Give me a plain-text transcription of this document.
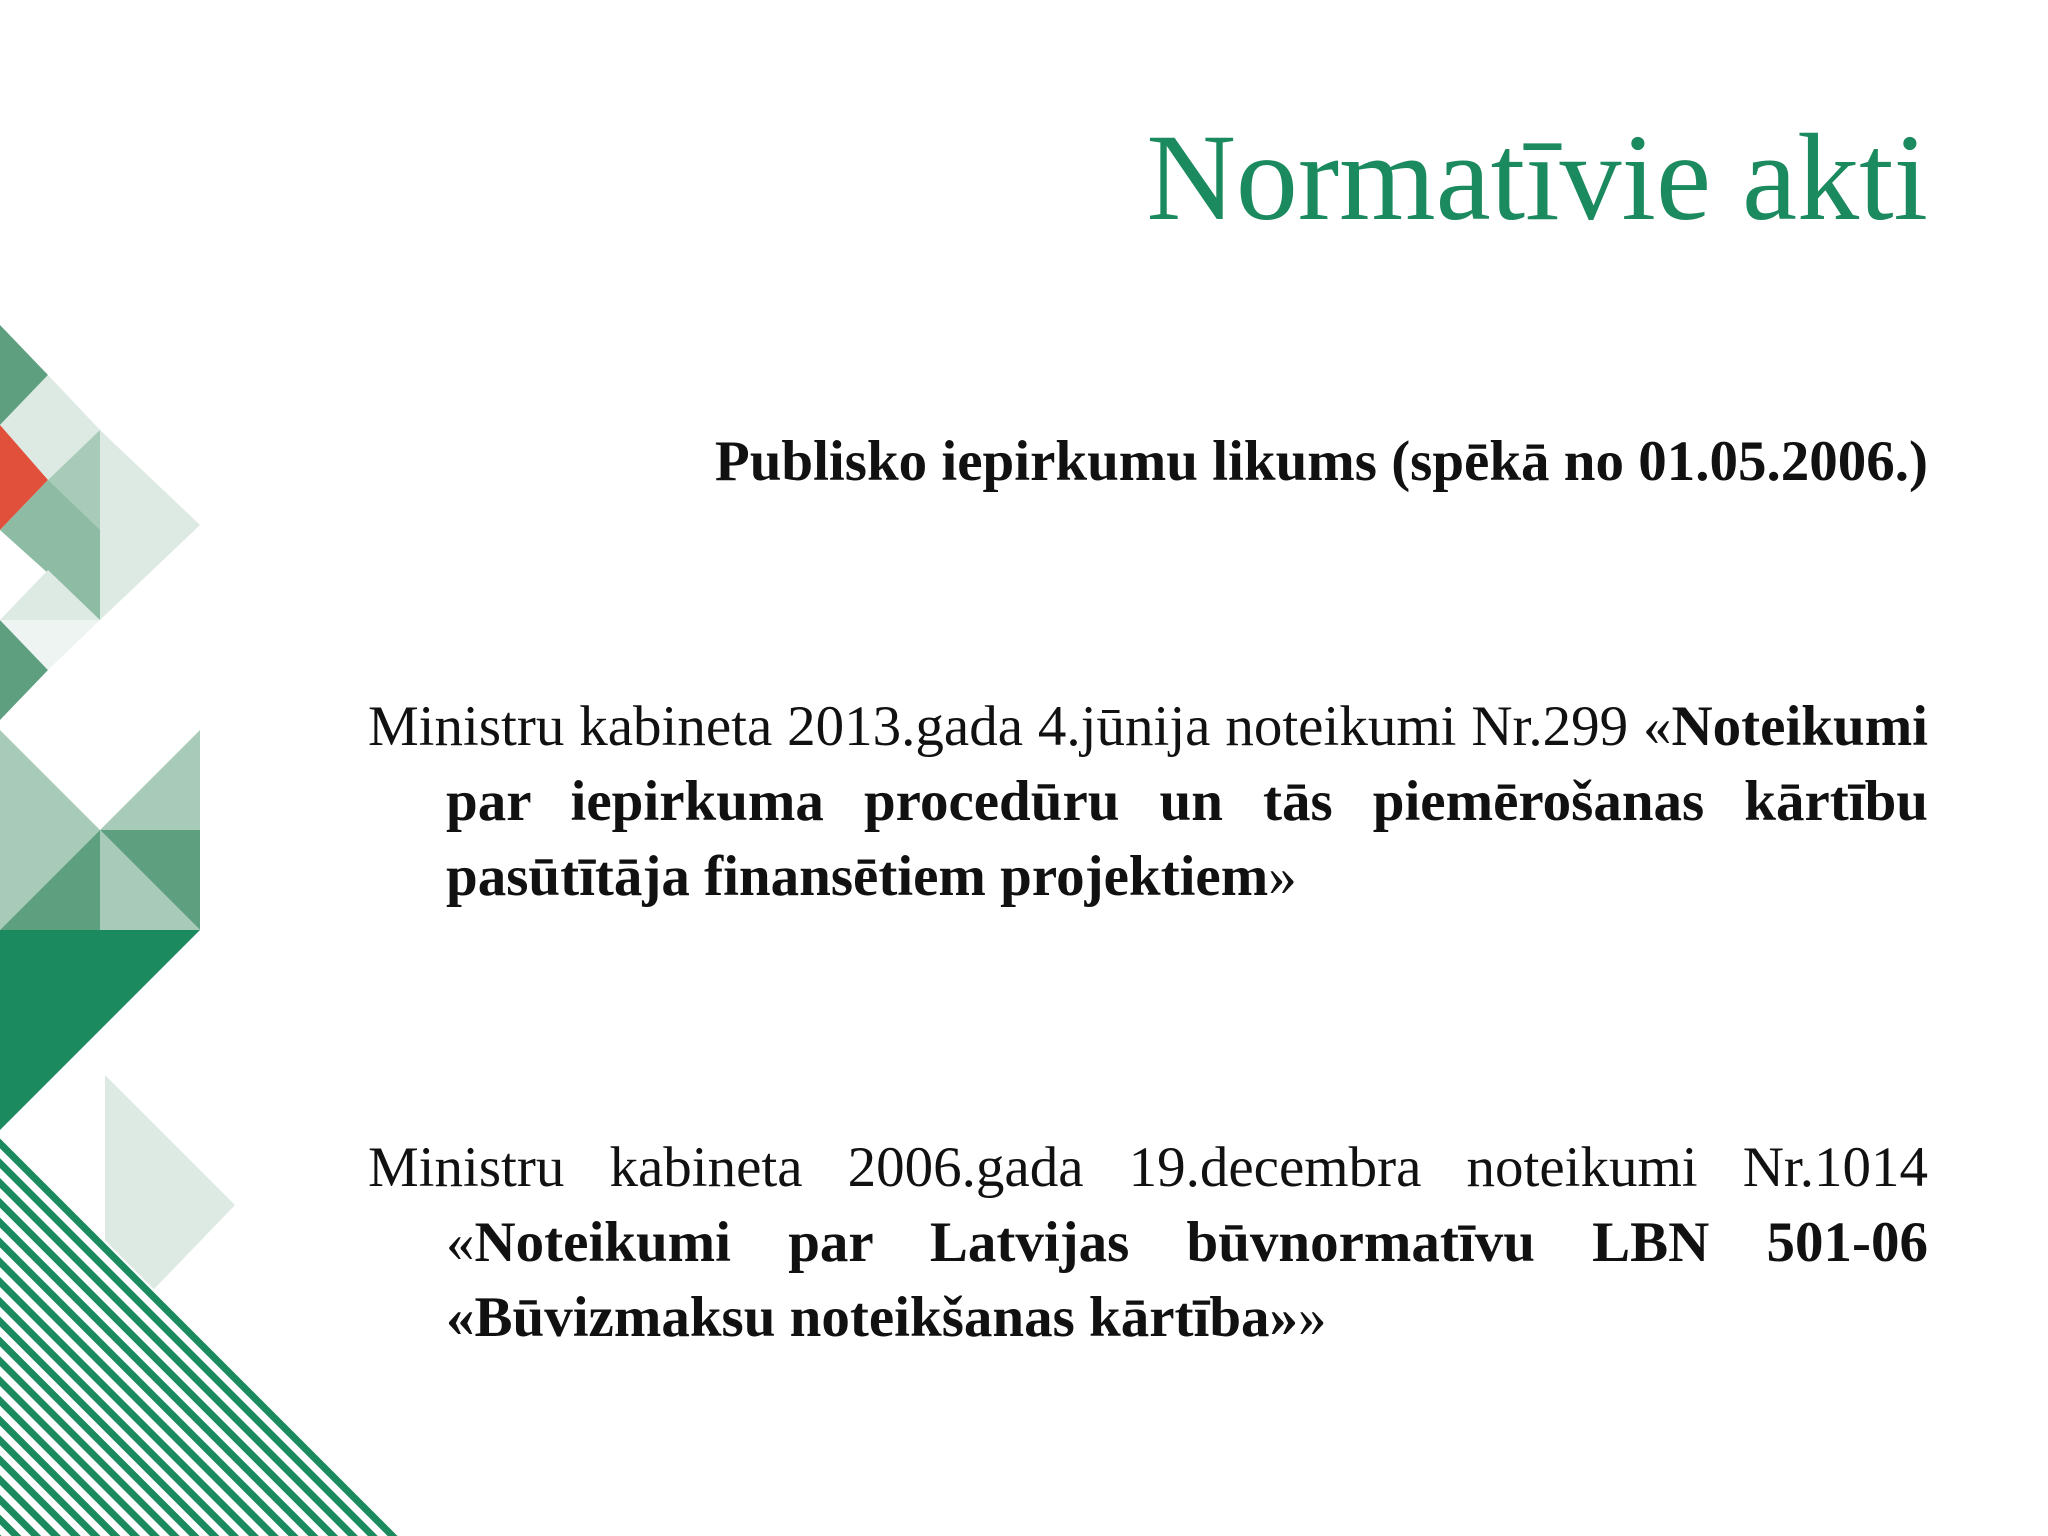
Normatīvie akti

Publisko iepirkumu likums (spēkā no 01.05.2006.)

Ministru kabineta 2013.gada 4.jūnija noteikumi Nr.299 «Noteikumi par iepirkuma procedūru un tās piemērošanas kārtību pasūtītāja finansētiem projektiem»

Ministru kabineta 2006.gada 19.decembra noteikumi Nr.1014 «Noteikumi par Latvijas būvnormatīvu LBN 501-06 «Būvizmaksu noteikšanas kārtība»»
